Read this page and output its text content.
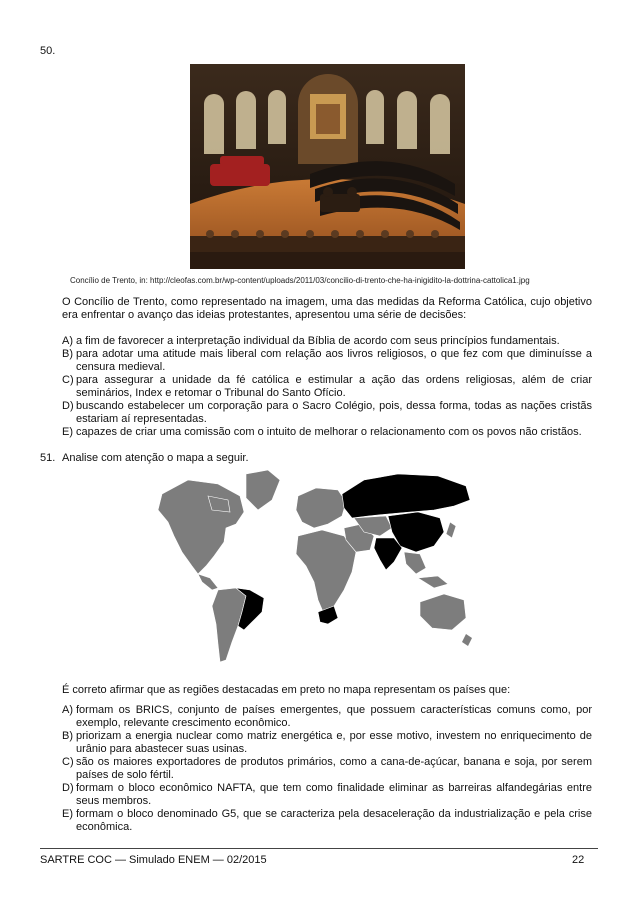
50.
Concílio de Trento, in: http://cleofas.com.br/wp-content/uploads/2011/03/concilio-di-trento-che-ha-inigidito-la-dottrina-cattolica1.jpg
O Concílio de Trento, como representado na imagem, uma das medidas da Reforma Católica, cujo objetivo era enfrentar o avanço das ideias protestantes, apresentou uma série de decisões:
A) a fim de favorecer a interpretação individual da Bíblia de acordo com seus princípios fundamentais.
B) para adotar uma atitude mais liberal com relação aos livros religiosos, o que fez com que diminuísse a censura medieval.
C) para assegurar a unidade da fé católica e estimular a ação das ordens religiosas, além de criar seminários, Index e retomar o Tribunal do Santo Ofício.
D) buscando estabelecer um corporação para o Sacro Colégio, pois, dessa forma, todas as nações cristãs estariam aí representadas.
E) capazes de criar uma comissão com o intuito de melhorar o relacionamento com os povos não cristãos.
51. Analise com atenção o mapa a seguir.
É correto afirmar que as regiões destacadas em preto no mapa representam os países que:
A) formam os BRICS, conjunto de países emergentes, que possuem características comuns como, por exemplo, relevante crescimento econômico.
B) priorizam a energia nuclear como matriz energética e, por esse motivo, investem no enriquecimento de urânio para abastecer suas usinas.
C) são os maiores exportadores de produtos primários, como a cana-de-açúcar, banana e soja, por serem países de solo fértil.
D) formam o bloco econômico NAFTA, que tem como finalidade eliminar as barreiras alfandegárias entre seus membros.
E) formam o bloco denominado G5, que se caracteriza pela desaceleração da industrialização e pela crise econômica.
SARTRE COC — Simulado ENEM — 02/2015	22
